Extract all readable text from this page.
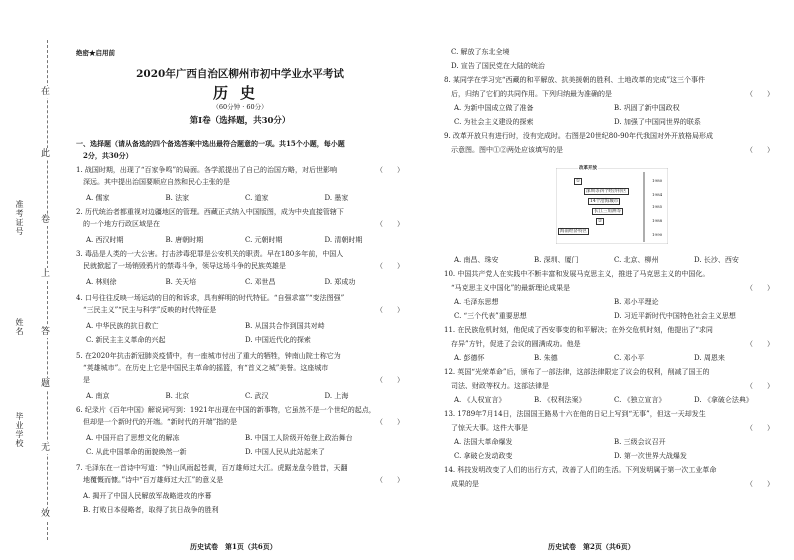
在
此
卷
上
答
题
无
效
准考证号
姓名
毕业学校
绝密★启用前
2020年广西自治区柳州市初中学业水平考试
历史
（60分钟 · 60分）
第Ⅰ卷（选择题，共30分）

一、选择题（请从备选的四个备选答案中选出最符合题意的一项。共15个小题，每小题

　2分，共30分）

1. 战国时期，出现了“百家争鸣”的局面。各学派提出了自己的治国方略，对后世影响	（　　）

　深远。其中提出治国要顺应自然和民心主张的是

A. 儒家	B. 法家	C. 道家	D. 墨家

2. 历代统治者都重视对边疆地区的管理。西藏正式纳入中国版图，成为中央直接管辖下

　的一个地方行政区域是在	（　　）
A. 西汉时期	B. 唐朝时期	C. 元朝时期	D. 清朝时期

3. 毒品是人类的一大公害。打击涉毒犯罪是公安机关的职责。早在180多年前，中国人

　民就掀起了一场销毁鸦片的禁毒斗争，领导这场斗争的民族英雄是	（　　）
A. 林则徐	B. 关天培	C. 邓世昌	D. 郑成功

4. 口号往往反映一场运动的目的和诉求，具有鲜明的时代特征。“自强求富”“变法图强”

　“三民主义”“民主与科学”反映的时代特征是	（　　）
A. 中华民族的抗日救亡	B. 从国共合作到国共对峙
C. 新民主主义革命的兴起	D. 中国近代化的探索

5. 在2020年抗击新冠肺炎疫情中，有一座城市付出了重大的牺牲，钟南山院士称它为

　“英雄城市”。在历史上它是中国民主革命的摇篮，有“首义之城”美誉。这座城市

　是	（　　）
A. 南京	B. 北京	C. 武汉	D. 上海

6. 纪录片《百年中国》解说词写到：1921年出现在中国的新事物，它虽然不是一个世纪的起点，

　但却是一个新时代的开端。“新时代的开端”指的是	（　　）
A. 中国开启了思想文化的解冻	B. 中国工人阶级开始登上政治舞台
C. 从此中国革命的面貌焕然一新	D. 中国人民从此站起来了

7. 毛泽东在一首诗中写道：“钟山风雨起苍黄，百万雄师过大江。虎踞龙盘今胜昔，天翻

　地覆慨而慷。”诗中“百万雄师过大江”的意义是	（　　）

　A. 揭开了中国人民解放军战略进攻的序幕

　B. 打败日本侵略者，取得了抗日战争的胜利

　C. 解放了东北全境

　D. 宣告了国民党在大陆的统治

8. 某同学在学习完“西藏的和平解放、抗美援朝的胜利、土地改革的完成”这三个事件

　后，归纳了它们的共同作用。下列归纳最为准确的是	（　　）
A. 为新中国成立做了准备	B. 巩固了新中国政权
C. 为社会主义建设的探索	D. 加强了中国同世界的联系

9. 改革开放只有进行时，没有完成时。右图是20世纪80-90年代我国对外开放格局形成

　示意图。图中①②两处应该填写的是	（　　）
A. 南昌、珠安	B. 深圳、厦门	C. 北京、柳州	D. 长沙、西安

10. 中国共产党人在实践中不断丰富和发展马克思主义，推进了马克思主义的中国化。

　“马克思主义中国化”的最新理论成果是	（　　）
A. 毛泽东思想	B. 邓小平理论
C. “三个代表”重要思想	D. 习近平新时代中国特色社会主义思想

11. 在民族危机时刻，他促成了西安事变的和平解决；在外交危机时刻，他提出了“求同

　存异”方针，促进了会议的圆满成功。他是	（　　）
A. 彭德怀	B. 朱德	C. 邓小平	D. 周恩来

12. 英国“光荣革命”后，颁布了一部法律，这部法律限定了议会的权利，削减了国王的

　司法、财政等权力。这部法律是	（　　）
A. 《人权宣言》	B. 《权利法案》	C. 《独立宣言》	D. 《拿破仑法典》

13. 1789年7月14日，法国国王路易十六在他的日记上写到“无事”，但这一天却发生

　了惊天大事。这件大事是	（　　）
A. 法国大革命爆发	B. 三级会议召开
C. 拿破仑发动政变	D. 第一次世界大战爆发

14. 科技发明改变了人们的出行方式，改善了人们的生活。下列发明属于第一次工业革命

　成果的是	（　　）
改革开放
①
深圳等四个经济特区
14个沿海城市
长江三角洲等
②
海南经济特区
1980
1984
1985
1988
1990
历史试卷　第1页（共6页）	历史试卷　第2页（共6页）
